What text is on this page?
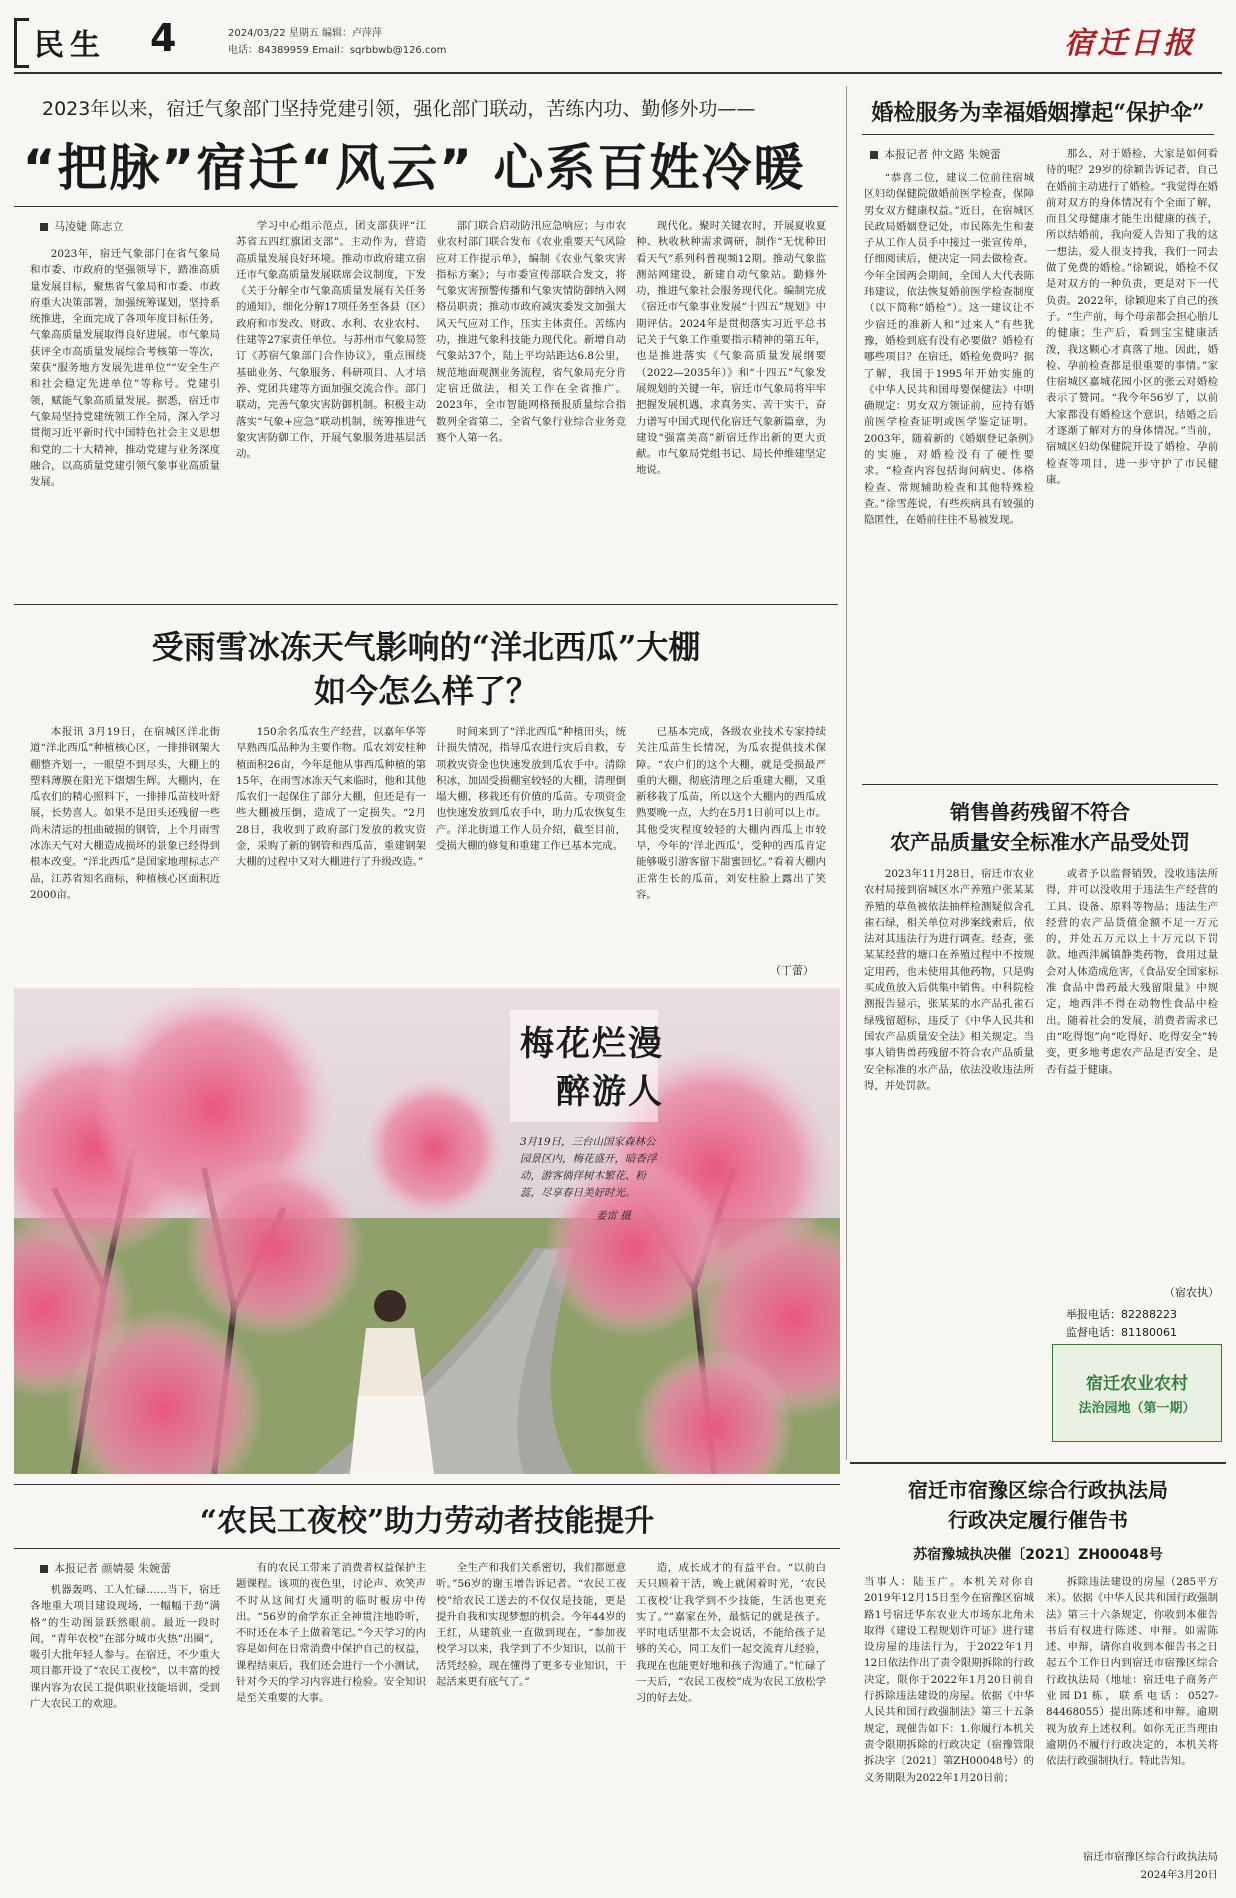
民生 4	2024/03/22 星期五 编辑：卢萍萍
电话：84389959 Email：sqrbbwb@126.com	宿迁日报
2023年以来，宿迁气象部门坚持党建引领，强化部门联动，苦练内功、勤修外功——
“把脉”宿迁“风云” 心系百姓冷暖
马凌婕 陈志立
2023年，宿迁气象部门在省气象局和市委、市政府的坚强领导下，踏准高质量发展目标，聚焦省气象局和市委、市政府重大决策部署，加强统筹谋划，坚持系统推进，全面完成了各项年度目标任务，气象高质量发展取得良好进展。市气象局获评全市高质量发展综合考核第一等次，荣获“服务地方发展先进单位”“安全生产和社会稳定先进单位”等称号。党建引领，赋能气象高质量发展。据悉，宿迁市气象局坚持党建统领工作全局，深入学习贯彻习近平新时代中国特色社会主义思想和党的二十大精神，推动党建与业务深度融合，以高质量党建引领气象事业高质量发展。
学习中心组示范点，团支部获评“江苏省五四红旗团支部”。主动作为，营造高质量发展良好环境。推动市政府建立宿迁市气象高质量发展联席会议制度，下发《关于分解全市气象高质量发展有关任务的通知》，细化分解17项任务至各县（区）政府和市发改、财政、水利、农业农村、住建等27家责任单位。与苏州市气象局签订《苏宿气象部门合作协议》，重点围绕基础业务、气象服务、科研项目、人才培养、党团共建等方面加强交流合作。部门联动，完善气象灾害防御机制。积极主动落实“气象+应急”联动机制，统筹推进气象灾害防御工作，开展气象服务进基层活动。
部门联合启动防汛应急响应；与市农业农村部门联合发布《农业重要天气风险应对工作提示单》，编制《农业气象灾害指标方案》；与市委宣传部联合发文，将气象灾害预警传播和气象灾情防御纳入网格员职责；推动市政府减灾委发文加强大风天气应对工作，压实主体责任。苦练内功，推进气象科技能力现代化。新增自动气象站37个，陆上平均站距达6.8公里，规范地面观测业务流程，省气象局充分肯定宿迁做法，相关工作在全省推广。2023年，全市智能网格预报质量综合指数列全省第二，全省气象行业综合业务竞赛个人第一名。
现代化。聚时关键农时，开展夏收夏种、秋收秋种需求调研，制作“无忧种田看天气”系列科普视频12期。推动气象监测站网建设，新建自动气象站。勤修外功，推进气象社会服务现代化。编制完成《宿迁市气象事业发展“十四五”规划》中期评估。2024年是贯彻落实习近平总书记关于气象工作重要指示精神的第五年，也是推进落实《气象高质量发展纲要（2022—2035年）》和“十四五”气象发展规划的关键一年，宿迁市气象局将牢牢把握发展机遇，求真务实、苦干实干，奋力谱写中国式现代化宿迁气象新篇章，为建设“强富美高”新宿迁作出新的更大贡献。市气象局党组书记、局长仲维建坚定地说。
婚检服务为幸福婚姻撑起“保护伞”
本报记者 仲文路 朱婉蕾
“恭喜二位，建议二位前往宿城区妇幼保健院做婚前医学检查，保障男女双方健康权益。”近日，在宿城区民政局婚姻登记处，市民陈先生和妻子从工作人员手中接过一张宣传单，仔细阅读后，便决定一同去做检查。今年全国两会期间，全国人大代表陈玮建议，依法恢复婚前医学检查制度（以下简称“婚检”）。这一建议让不少宿迁的准新人和“过来人”有些犹豫，婚检到底有没有必要做？婚检有哪些项目？在宿迁，婚检免费吗？据了解，我国于1995年开始实施的《中华人民共和国母婴保健法》中明确规定：男女双方领证前，应持有婚前医学检查证明或医学鉴定证明。2003年，随着新的《婚姻登记条例》的实施，对婚检没有了硬性要求。“检查内容包括询问病史、体格检查、常规辅助检查和其他特殊检查。”徐雪莲说，有些疾病具有较强的隐匿性，在婚前往往不易被发现。
那么，对于婚检，大家是如何看待的呢？29岁的徐颖告诉记者，自己在婚前主动进行了婚检。“我觉得在婚前对双方的身体情况有个全面了解，而且父母健康才能生出健康的孩子，所以结婚前，我向爱人告知了我的这一想法，爱人很支持我，我们一同去做了免费的婚检。”徐颖说，婚检不仅是对双方的一种负责，更是对下一代负责。2022年，徐颖迎来了自己的孩子。“生产前，每个母亲都会担心胎儿的健康；生产后，看到宝宝健康活泼，我这颗心才真落了地。因此，婚检、孕前检查都是很重要的事情。”家住宿城区嘉城花园小区的张云对婚检表示了赞同。“我今年56岁了，以前大家都没有婚检这个意识，结婚之后才逐渐了解对方的身体情况。”当前，宿城区妇幼保健院开设了婚检、孕前检查等项目，进一步守护了市民健康。
受雨雪冰冻天气影响的“洋北西瓜”大棚
如今怎么样了？
本报讯 3月19日，在宿城区洋北街道“洋北西瓜”种植核心区，一排排钢架大棚整齐划一，一眼望不到尽头，大棚上的塑料薄膜在阳光下熠熠生辉。大棚内，在瓜农们的精心照料下，一排排瓜苗枝叶舒展，长势喜人。如果不是田头还残留一些尚未清运的扭曲破损的钢管，上个月雨雪冰冻天气对大棚造成损坏的景象已经得到根本改变。“洋北西瓜”是国家地理标志产品，江苏省知名商标，种植核心区面积近2000亩。
150余名瓜农生产经营，以嘉年华等早熟西瓜品种为主要作物。瓜农刘安柱种植面积26亩，今年是他从事西瓜种植的第15年，在雨雪冰冻天气来临时，他和其他瓜农们一起保住了部分大棚，但还是有一些大棚被压倒，造成了一定损失。“2月28日，我收到了政府部门发放的救灾资金，采购了新的钢管和西瓜苗，重建钢架大棚的过程中又对大棚进行了升级改造。”
时间来到了“洋北西瓜”种植田头，统计损失情况，指导瓜农进行灾后自救，专项救灾资金也快速发放到瓜农手中。清除积冰，加固受损棚室较轻的大棚，清理倒塌大棚，移栽还有价值的瓜苗。专项资金也快速发放到瓜农手中，助力瓜农恢复生产。洋北街道工作人员介绍，截至目前，受损大棚的修复和重建工作已基本完成。
已基本完成，各级农业技术专家持续关注瓜苗生长情况，为瓜农提供技术保障。“农户们的这个大棚，就是受损最严重的大棚，彻底清理之后重建大棚，又重新移栽了瓜苗，所以这个大棚内的西瓜成熟要晚一点，大约在5月1日前可以上市。其他受灾程度较轻的大棚内西瓜上市较早，今年的‘洋北西瓜’，受种的西瓜肯定能够吸引游客留下甜蜜回忆。”看着大棚内正常生长的瓜苗，刘安柱脸上露出了笑容。
（丁蕾）
梅花烂漫
醉游人
3月19日，三台山国家森林公园景区内，梅花盛开，暗香浮动，游客徜徉树木繁花、粉蕊，尽享春日美好时光。
姜雷 摄
销售兽药残留不符合
农产品质量安全标准水产品受处罚
2023年11月28日，宿迁市农业农村局接到宿城区水产养殖户张某某养殖的草鱼被依法抽样检测疑似含孔雀石绿，相关单位对涉案线索后，依法对其违法行为进行调查。经查，张某某经营的塘口在养殖过程中不按规定用药，也未使用其他药物，只是购买成鱼放入后供集中销售。中科院检测报告显示，张某某的水产品孔雀石绿残留超标，违反了《中华人民共和国农产品质量安全法》相关规定。当事人销售兽药残留不符合农产品质量安全标准的水产品，依法没收违法所得，并处罚款。
或者予以监督销毁，没收违法所得，并可以没收用于违法生产经营的工具、设备、原料等物品；违法生产经营的农产品货值金额不足一万元的，并处五万元以上十万元以下罚款。地西泮属镇静类药物，食用过量会对人体造成危害，《食品安全国家标准 食品中兽药最大残留限量》中规定，地西泮不得在动物性食品中检出。随着社会的发展，消费者需求已由“吃得饱”向“吃得好、吃得安全”转变，更多地考虑农产品是否安全、是否有益于健康。
（宿农执）
举报电话：82288223
监督电话：81180061
宿迁农业农村
法治园地（第一期）
“农民工夜校”助力劳动者技能提升
本报记者 颜婧晏 朱婉蕾
机器轰鸣、工人忙碌……当下，宿迁各地重大项目建设现场，一幅幅干劲“满格”的生动图景跃然眼前。最近一段时间，“青年农校”在部分城市火热“出圈”，吸引大批年轻人参与。在宿迁，不少重大项目都开设了“农民工夜校”，以丰富的授课内容为农民工提供职业技能培训，受到广大农民工的欢迎。
有的农民工带来了消费者权益保护主题课程。该项的夜色里，讨论声、欢笑声不时从这间灯火通明的临时板房中传出。“56岁的俞学东正全神贯注地聆听，不时还在本子上做着笔记。”今天学习的内容是如何在日常消费中保护自己的权益，课程结束后，我们还会进行一个小测试，针对今天的学习内容进行检验。安全知识是至关重要的大事。
全生产和我们关系密切，我们都愿意听。”56岁的谢玉增告诉记者。“农民工夜校”给农民工送去的不仅仅是技能，更是提升自我和实现梦想的机会。今年44岁的王红，从建筑业一直做到现在，“参加夜校学习以来，我学到了不少知识，以前干活凭经验，现在懂得了更多专业知识，干起活来更有底气了。”
造，成长成才的有益平台。“以前白天只顾着干活，晚上就闲着时光，‘农民工夜校’让我学到不少技能，生活也更充实了。”“嘉家在外，最惦记的就是孩子。平时电话里都不太会说话，不能给孩子足够的关心，同工友们一起交流育儿经验，我现在也能更好地和孩子沟通了。”忙碌了一天后，“农民工夜校”成为农民工放松学习的好去处。
宿迁市宿豫区综合行政执法局
行政决定履行催告书
苏宿豫城执决催〔2021〕ZH00048号
当事人：陆玉广。本机关对你自2019年12月15日至今在宿豫区宿城路1号宿迁华东农业大市场东北角未取得《建设工程规划许可证》进行建设房屋的违法行为，于2022年1月12日依法作出了责令限期拆除的行政决定，限你于2022年1月20日前自行拆除违法建设的房屋。依据《中华人民共和国行政强制法》第三十五条规定，现催告如下：1.你履行本机关责令限期拆除的行政决定（宿豫管限拆决字〔2021〕第ZH00048号）的义务期限为2022年1月20日前；
拆除违法建设的房屋（285平方米）。依据《中华人民共和国行政强制法》第三十六条规定，你收到本催告书后有权进行陈述、申辩。如需陈述、申辩，请你自收到本催告书之日起五个工作日内到宿迁市宿豫区综合行政执法局（地址：宿迁电子商务产业园D1栋，联系电话：0527-84468055）提出陈述和申辩。逾期视为放弃上述权利。如你无正当理由逾期仍不履行行政决定的，本机关将依法行政强制执行。特此告知。
宿迁市宿豫区综合行政执法局
2024年3月20日
